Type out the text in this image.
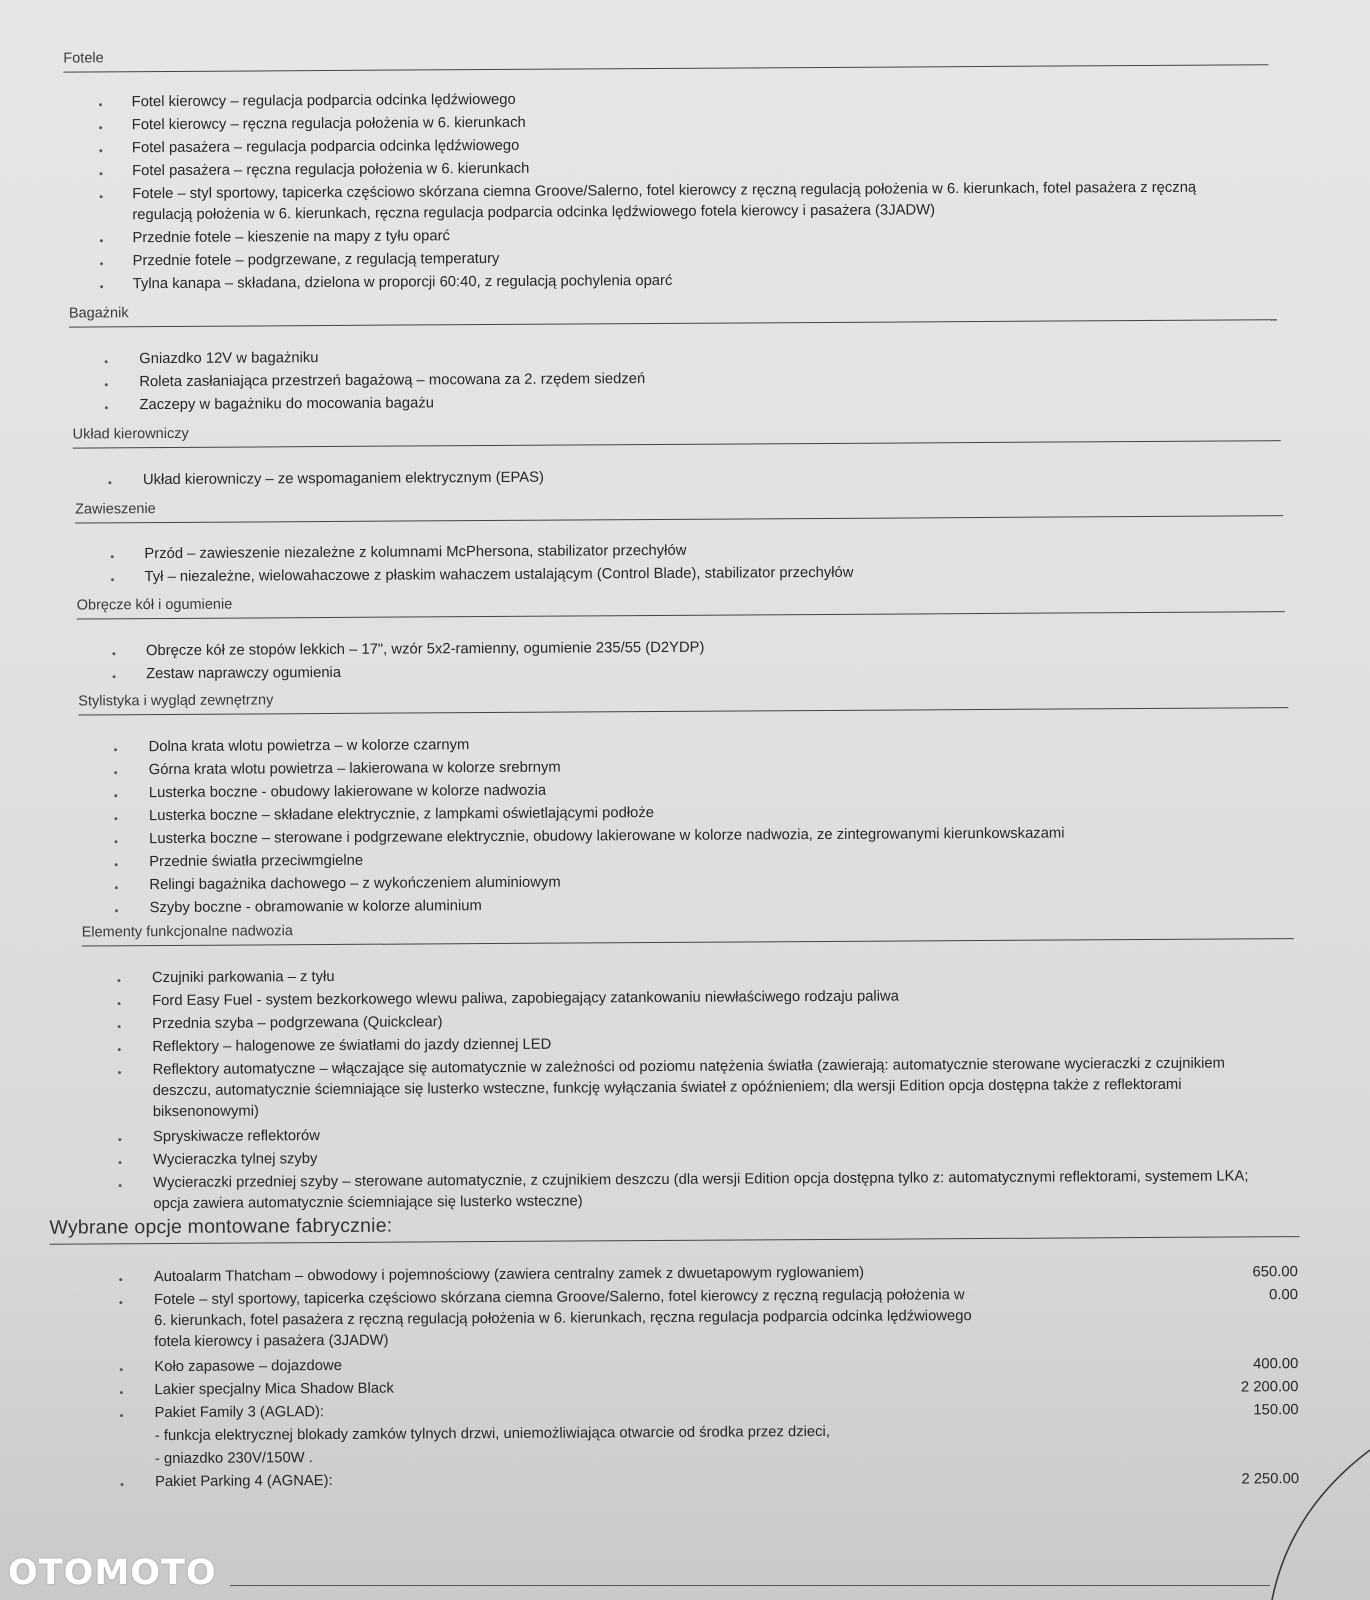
Fotele
• Fotel kierowcy – regulacja podparcia odcinka lędźwiowego
• Fotel kierowcy – ręczna regulacja położenia w 6. kierunkach
• Fotel pasażera – regulacja podparcia odcinka lędźwiowego
• Fotel pasażera – ręczna regulacja położenia w 6. kierunkach
• Fotele – styl sportowy, tapicerka częściowo skórzana ciemna Groove/Salerno, fotel kierowcy z ręczną regulacją położenia w 6. kierunkach, fotel pasażera z ręczną regulacją położenia w 6. kierunkach, ręczna regulacja podparcia odcinka lędźwiowego fotela kierowcy i pasażera (3JADW)
• Przednie fotele – kieszenie na mapy z tyłu oparć
• Przednie fotele – podgrzewane, z regulacją temperatury
• Tylna kanapa – składana, dzielona w proporcji 60:40, z regulacją pochylenia oparć
Bagażnik
• Gniazdko 12V w bagażniku
• Roleta zasłaniająca przestrzeń bagażową – mocowana za 2. rzędem siedzeń
• Zaczepy w bagażniku do mocowania bagażu
Układ kierowniczy
• Układ kierowniczy – ze wspomaganiem elektrycznym (EPAS)
Zawieszenie
• Przód – zawieszenie niezależne z kolumnami McPhersona, stabilizator przechyłów
• Tył – niezależne, wielowahaczowe z płaskim wahaczem ustalającym (Control Blade), stabilizator przechyłów
Obręcze kół i ogumienie
• Obręcze kół ze stopów lekkich – 17", wzór 5x2-ramienny, ogumienie 235/55 (D2YDP)
• Zestaw naprawczy ogumienia
Stylistyka i wygląd zewnętrzny
• Dolna krata wlotu powietrza – w kolorze czarnym
• Górna krata wlotu powietrza – lakierowana w kolorze srebrnym
• Lusterka boczne - obudowy lakierowane w kolorze nadwozia
• Lusterka boczne – składane elektrycznie, z lampkami oświetlającymi podłoże
• Lusterka boczne – sterowane i podgrzewane elektrycznie, obudowy lakierowane w kolorze nadwozia, ze zintegrowanymi kierunkowskazami
• Przednie światła przeciwmgielne
• Relingi bagażnika dachowego – z wykończeniem aluminiowym
• Szyby boczne - obramowanie w kolorze aluminium
Elementy funkcjonalne nadwozia
• Czujniki parkowania – z tyłu
• Ford Easy Fuel - system bezkorkowego wlewu paliwa, zapobiegający zatankowaniu niewłaściwego rodzaju paliwa
• Przednia szyba – podgrzewana (Quickclear)
• Reflektory – halogenowe ze światłami do jazdy dziennej LED
• Reflektory automatyczne – włączające się automatycznie w zależności od poziomu natężenia światła (zawierają: automatycznie sterowane wycieraczki z czujnikiem deszczu, automatycznie ściemniające się lusterko wsteczne, funkcję wyłączania świateł z opóźnieniem; dla wersji Edition opcja dostępna także z reflektorami biksenonowymi)
• Spryskiwacze reflektorów
• Wycieraczka tylnej szyby
• Wycieraczki przedniej szyby – sterowane automatycznie, z czujnikiem deszczu (dla wersji Edition opcja dostępna tylko z: automatycznymi reflektorami, systemem LKA; opcja zawiera automatycznie ściemniające się lusterko wsteczne)
Wybrane opcje montowane fabrycznie:
• Autoalarm Thatcham – obwodowy i pojemnościowy (zawiera centralny zamek z dwuetapowym ryglowaniem)
• Fotele – styl sportowy, tapicerka częściowo skórzana ciemna Groove/Salerno, fotel kierowcy z ręczną regulacją położenia w 6. kierunkach, fotel pasażera z ręczną regulacją położenia w 6. kierunkach, ręczna regulacja podparcia odcinka lędźwiowego fotela kierowcy i pasażera (3JADW)
• Koło zapasowe – dojazdowe
• Lakier specjalny Mica Shadow Black
• Pakiet Family 3 (AGLAD):
- funkcja elektrycznej blokady zamków tylnych drzwi, uniemożliwiająca otwarcie od środka przez dzieci,
- gniazdko 230V/150W .
• Pakiet Parking 4 (AGNAE):
650.00
0.00
400.00
2 200.00
150.00
2 250.00
OTOMOTO
